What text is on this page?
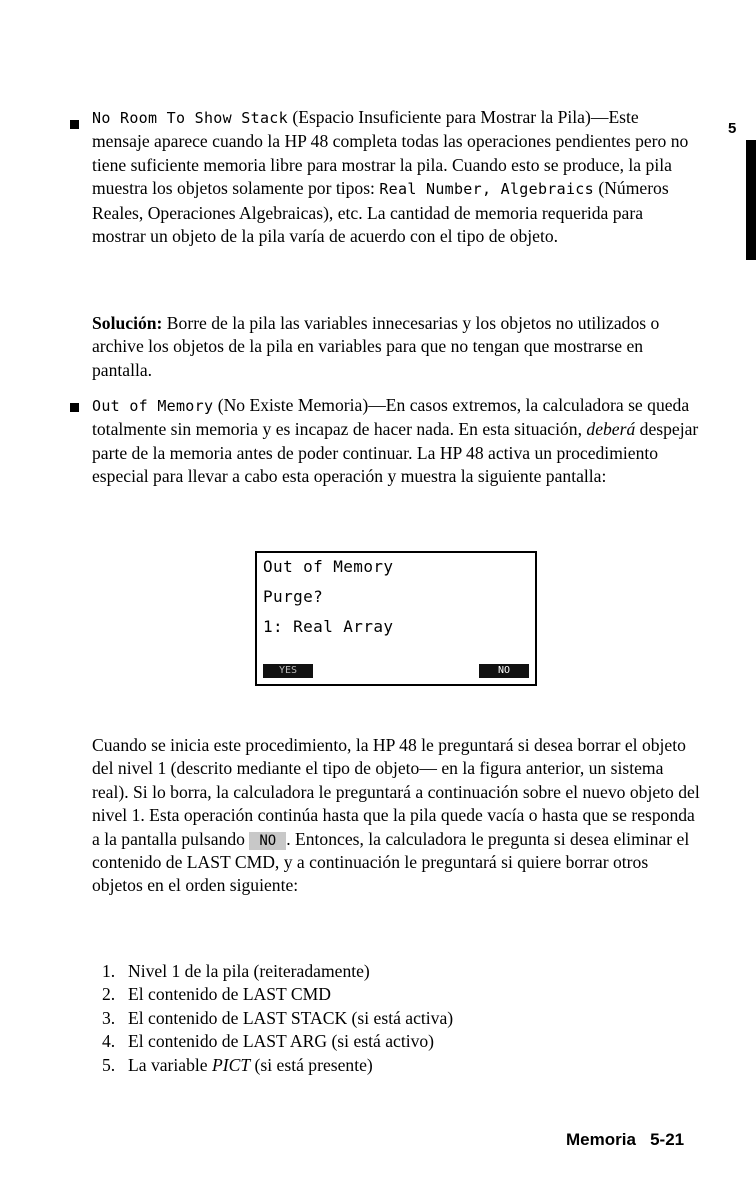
5
No Room To Show Stack (Espacio Insuficiente para Mostrar la Pila)—Este mensaje aparece cuando la HP 48 completa todas las operaciones pendientes pero no tiene suficiente memoria libre para mostrar la pila. Cuando esto se produce, la pila muestra los objetos solamente por tipos: Real Number, Algebraics (Números Reales, Operaciones Algebraicas), etc. La cantidad de memoria requerida para mostrar un objeto de la pila varía de acuerdo con el tipo de objeto.
Solución: Borre de la pila las variables innecesarias y los objetos no utilizados o archive los objetos de la pila en variables para que no tengan que mostrarse en pantalla.
Out of Memory (No Existe Memoria)—En casos extremos, la calculadora se queda totalmente sin memoria y es incapaz de hacer nada. En esta situación, deberá despejar parte de la memoria antes de poder continuar. La HP 48 activa un procedimiento especial para llevar a cabo esta operación y muestra la siguiente pantalla:
Out of Memory
Purge?
1: Real Array
YES	NO
Cuando se inicia este procedimiento, la HP 48 le preguntará si desea borrar el objeto del nivel 1 (descrito mediante el tipo de objeto— en la figura anterior, un sistema real). Si lo borra, la calculadora le preguntará a continuación sobre el nuevo objeto del nivel 1. Esta operación continúa hasta que la pila quede vacía o hasta que se responda a la pantalla pulsando NO . Entonces, la calculadora le pregunta si desea eliminar el contenido de LAST CMD, y a continuación le preguntará si quiere borrar otros objetos en el orden siguiente:
1. Nivel 1 de la pila (reiteradamente)
2. El contenido de LAST CMD
3. El contenido de LAST STACK (si está activa)
4. El contenido de LAST ARG (si está activo)
5. La variable PICT (si está presente)
Memoria 5-21
